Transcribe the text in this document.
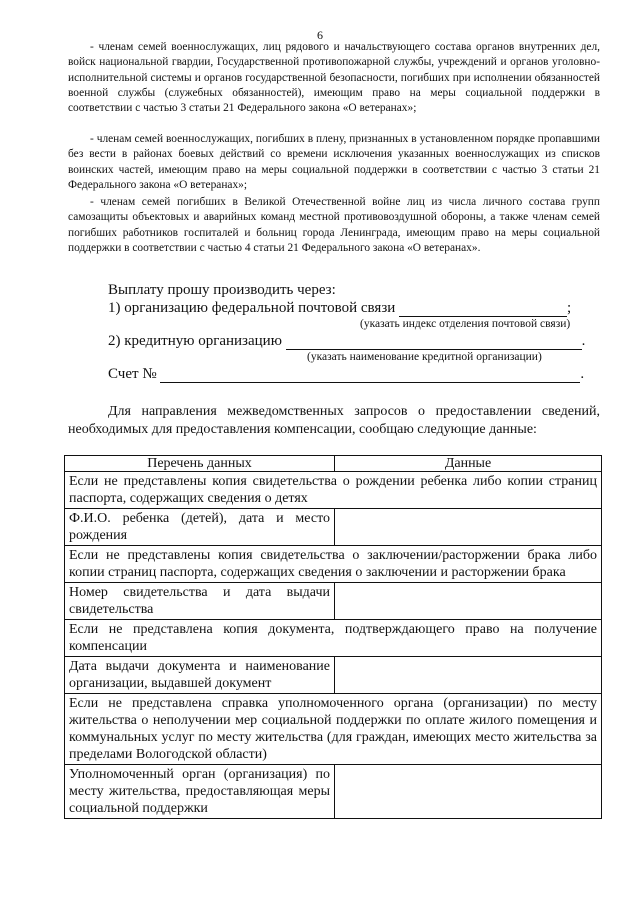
6
- членам семей военнослужащих, лиц рядового и начальствующего состава органов внутренних дел, войск национальной гвардии, Государственной противопожарной службы, учреждений и органов уголовно-исполнительной системы и органов государственной безопасности, погибших при исполнении обязанностей военной службы (служебных обязанностей), имеющим право на меры социальной поддержки в соответствии с частью 3 статьи 21 Федерального закона «О ветеранах»;
- членам семей военнослужащих, погибших в плену, признанных в установленном порядке пропавшими без вести в районах боевых действий со времени исключения указанных военнослужащих из списков воинских частей, имеющим право на меры социальной поддержки в соответствии с частью 3 статьи 21 Федерального закона «О ветеранах»;
- членам семей погибших в Великой Отечественной войне лиц из числа личного состава групп самозащиты объектовых и аварийных команд местной противовоздушной обороны, а также членам семей погибших работников госпиталей и больниц города Ленинграда, имеющим право на меры социальной поддержки в соответствии с частью 4 статьи 21 Федерального закона «О ветеранах».
Выплату прошу производить через:
1) организацию федеральной почтовой связи	;
(указать индекс отделения почтовой связи)
2) кредитную организацию	.
(указать наименование кредитной организации)
Счет №	.
Для направления межведомственных запросов о предоставлении сведений, необходимых для предоставления компенсации, сообщаю следующие данные:
Перечень данных	Данные
Если не представлены копия свидетельства о рождении ребенка либо копии страниц паспорта, содержащих сведения о детях	
Ф.И.О. ребенка (детей), дата и место рождения	
Если не представлены копия свидетельства о заключении/расторжении брака либо копии страниц паспорта, содержащих сведения о заключении и расторжении брака	
Номер свидетельства и дата выдачи свидетельства	
Если не представлена копия документа, подтверждающего право на получение компенсации	
Дата выдачи документа и наименование организации, выдавшей документ	
Если не представлена справка уполномоченного органа (организации) по месту жительства о неполучении мер социальной поддержки по оплате жилого помещения и коммунальных услуг по месту жительства (для граждан, имеющих место жительства за пределами Вологодской области)	
Уполномоченный орган (организация) по месту жительства, предоставляющая меры социальной поддержки	
